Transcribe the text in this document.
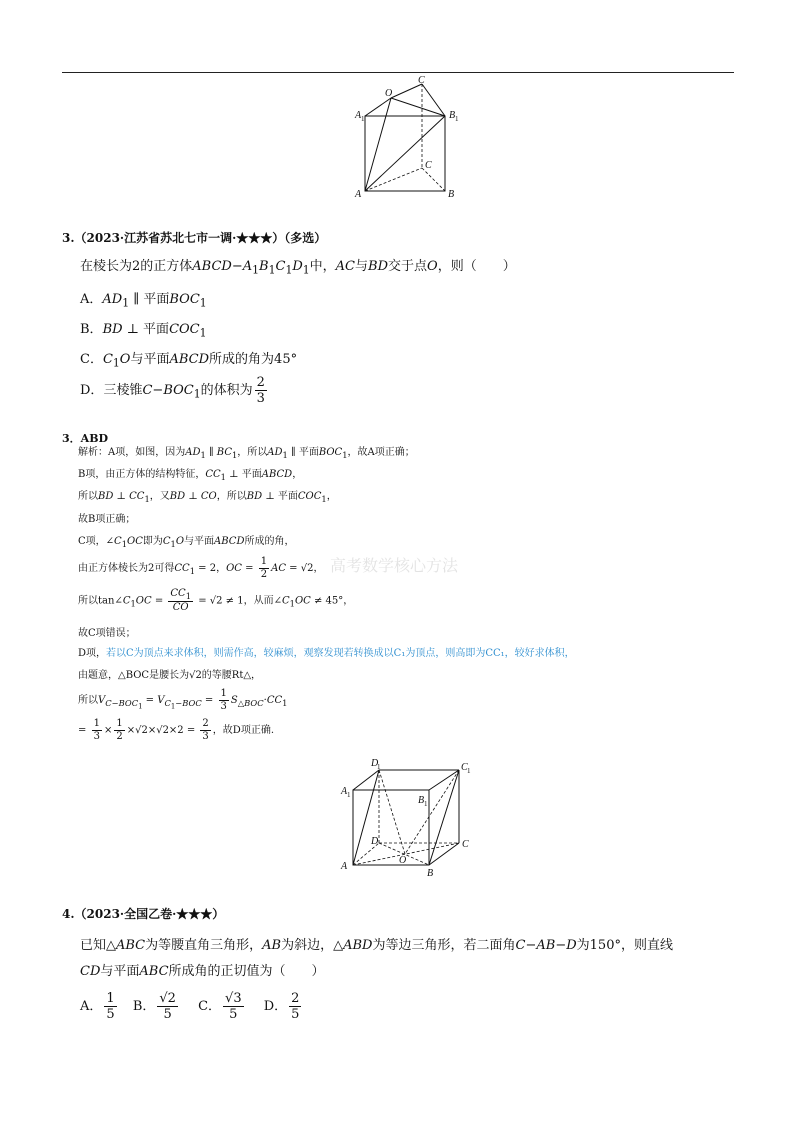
C
O
A 1	B 1
C
A	B
3.（2023·江苏省苏北七市一调·★★★）（多选）
在棱长为2的正方体$ABCD-A_1B_1C_1D_1$中，AC与BD交于点O，则（　　）
A．$AD_1$ ∥ 平面$BOC_1$
B．BD ⊥ 平面$COC_1$
C．$C_1O$与平面ABCD所成的角为45°
D．三棱锥$C-BOC_1$的体积为 $\frac{2}{3}$
3．ABD
解析：A项，如图，因为$AD_1$ ∥ $BC_1$，所以$AD_1$ ∥ 平面$BOC_1$，故A项正确；
B项，由正方体的结构特征，$CC_1$ ⊥ 平面ABCD，
所以BD ⊥ $CC_1$，又BD ⊥ CO，所以BD ⊥ 平面$COC_1$，
故B项正确；
C项，$\angle C_1OC$即为$C_1O$与平面ABCD所成的角，
由正方体棱长为2可得$CC_1 = 2$，OC = $\frac{1}{2}$ AC = √2， 高考数学核心方法
所以$\tan\angle C_1OC = \frac{CC_1}{CO} = √2 \ne 1$，从而$\angle C_1OC \ne 45^\circ$，
故C项错误；
D项，若以C为顶点来求体积，则需作高，较麻烦，观察发现若转换成以C₁为顶点，则高即为CC₁，较好求体积，
由题意，△BOC是腰长为√2的等腰Rt△，
所以$V_{C-BOC_1} = V_{C_1-BOC} = \frac{1}{3} S_{\triangle BOC}\cdot CC_1$
= $\frac{1}{3} \times \frac{1}{2} \times√2\times√2\times 2 = \frac{2}{3}$ ，故D项正确.
D
1	C 1
A 1	B 1
D	C
O
A
B
4.（2023·全国乙卷·★★★）
已知△ABC为等腰直角三角形，AB为斜边，△ABD为等边三角形，若二面角C−AB−D为150°，则直线
CD与平面ABC所成角的正切值为（　　）
A． $\frac{1}{5}$ B． $\frac{√2}{5}$ C． $\frac{√3}{5}$ D． $\frac{2}{5}$
